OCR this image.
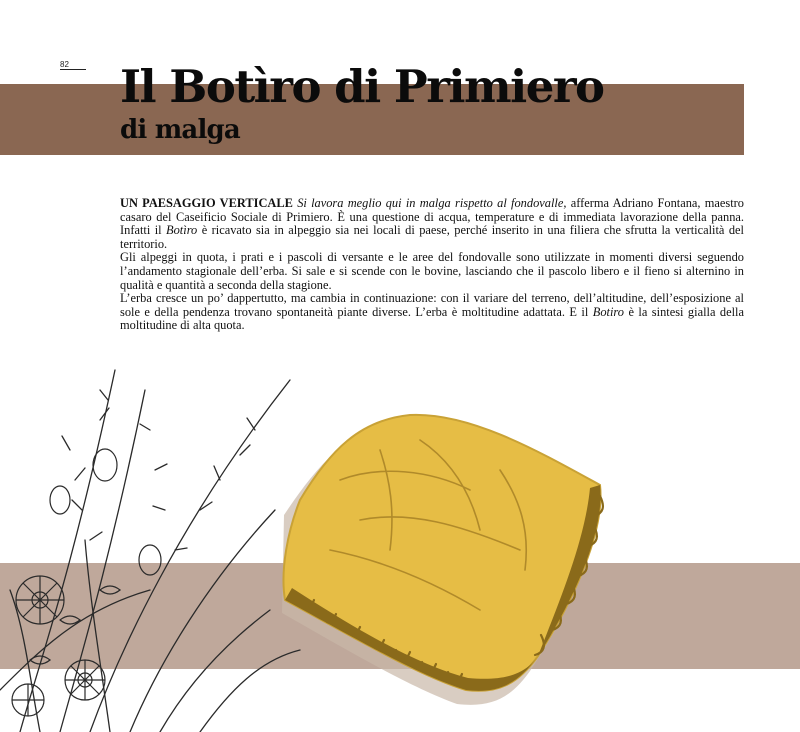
82 Il Botìro di Primiero
di malga

UN PAESAGGIO VERTICALE Si lavora meglio qui in malga rispetto al fondovalle, afferma Adriano Fontana, maestro casaro del Caseificio Sociale di Primiero. È una questione di acqua, temperature e di immediata lavorazione della panna. Infatti il Botìro è ricavato sia in alpeggio sia nei locali di paese, perché inserito in una filiera che sfrutta la verticalità del territorio.

Gli alpeggi in quota, i prati e i pascoli di versante e le aree del fondovalle sono utilizzate in momenti diversi seguendo l’andamento stagionale dell’erba. Si sale e si scende con le bovine, lasciando che il pascolo libero e il fieno si alternino in qualità e quantità a seconda della stagione.

L’erba cresce un po’ dappertutto, ma cambia in continuazione: con il variare del terreno, dell’altitudine, dell’esposizione al sole e della pendenza trovano spontaneità piante diverse. L’erba è moltitudine adattata. E il Botiro è la sintesi gialla della moltitudine di alta quota.
